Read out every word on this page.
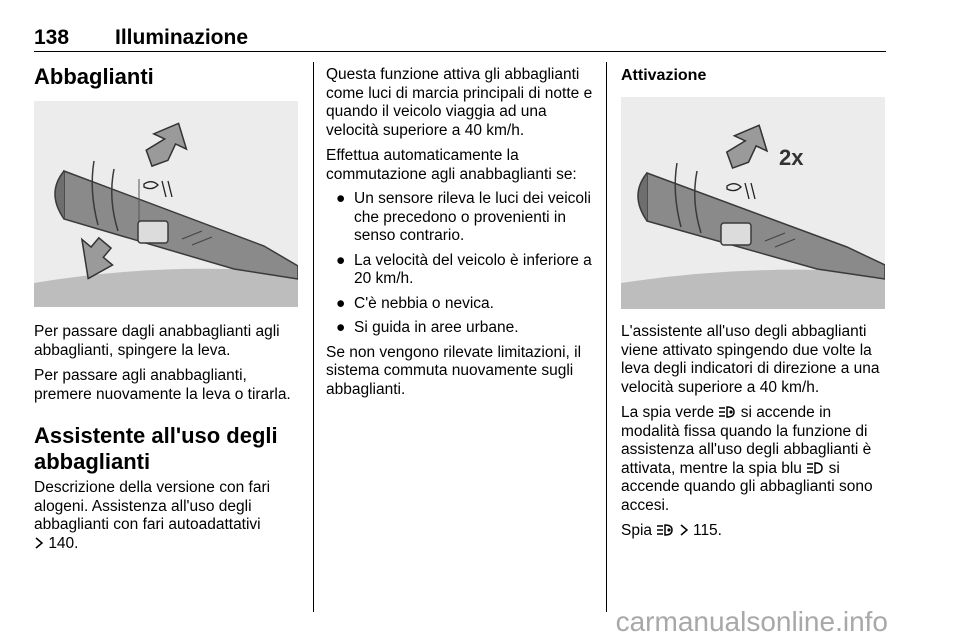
138 Illuminazione
Abbaglianti

Per passare dagli anabbaglianti agli abbaglianti, spingere la leva.

Per passare agli anabbaglianti, premere nuovamente la leva o tirarla.

Assistente all'uso degli abbaglianti

Descrizione della versione con fari alogeni. Assistenza all'uso degli abbaglianti con fari autoadattativi
140.

Questa funzione attiva gli abbaglianti come luci di marcia principali di notte e quando il veicolo viaggia ad una velocità superiore a 40 km/h.

Effettua automaticamente la commutazione agli anabbaglianti se:

● Un sensore rileva le luci dei veicoli che precedono o provenienti in senso contrario.
● La velocità del veicolo è inferiore a 20 km/h.
● C'è nebbia o nevica.
● Si guida in aree urbane.

Se non vengono rilevate limitazioni, il sistema commuta nuovamente sugli abbaglianti.

Attivazione
2x

L'assistente all'uso degli abbaglianti viene attivato spingendo due volte la leva degli indicatori di direzione a una velocità superiore a 40 km/h.

La spia verde si accende in modalità fissa quando la funzione di assistenza all'uso degli abbaglianti è attivata, mentre la spia blu si accende quando gli abbaglianti sono accesi.

Spia	115.

carmanualsonline.info
